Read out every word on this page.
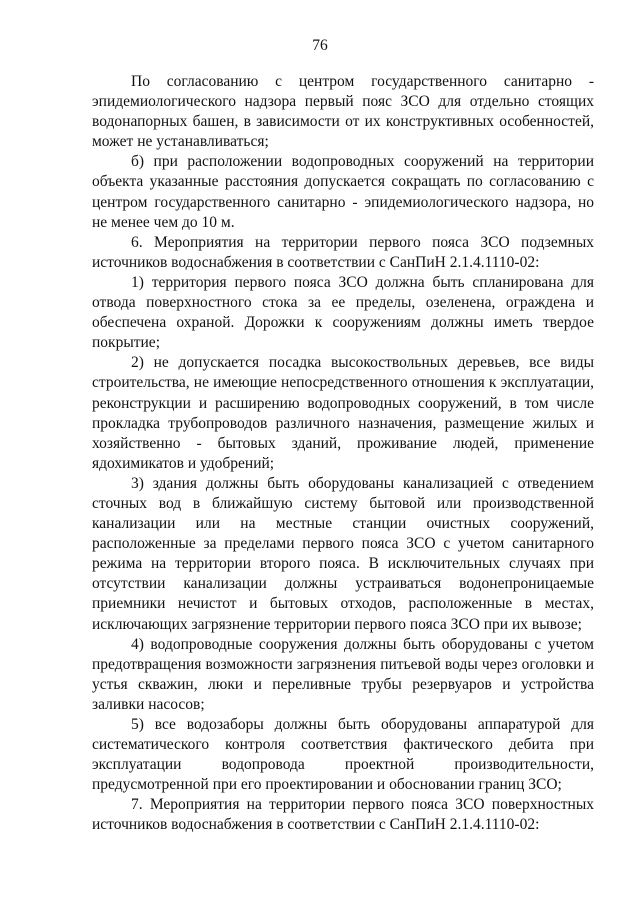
76

По согласованию с центром государственного санитарно - эпидемиологического надзора первый пояс ЗСО для отдельно стоящих водонапорных башен, в зависимости от их конструктивных особенностей, может не устанавливаться;

б) при расположении водопроводных сооружений на территории объекта указанные расстояния допускается сокращать по согласованию с центром государственного санитарно - эпидемиологического надзора, но не менее чем до 10 м.

6. Мероприятия на территории первого пояса ЗСО подземных источников водоснабжения в соответствии с СанПиН 2.1.4.1110-02:

1) территория первого пояса ЗСО должна быть спланирована для отвода поверхностного стока за ее пределы, озеленена, ограждена и обеспечена охраной. Дорожки к сооружениям должны иметь твердое покрытие;

2) не допускается посадка высокоствольных деревьев, все виды строительства, не имеющие непосредственного отношения к эксплуатации, реконструкции и расширению водопроводных сооружений, в том числе прокладка трубопроводов различного назначения, размещение жилых и хозяйственно - бытовых зданий, проживание людей, применение ядохимикатов и удобрений;

3) здания должны быть оборудованы канализацией с отведением сточных вод в ближайшую систему бытовой или производственной канализации или на местные станции очистных сооружений, расположенные за пределами первого пояса ЗСО с учетом санитарного режима на территории второго пояса. В исключительных случаях при отсутствии канализации должны устраиваться водонепроницаемые приемники нечистот и бытовых отходов, расположенные в местах, исключающих загрязнение территории первого пояса ЗСО при их вывозе;

4) водопроводные сооружения должны быть оборудованы с учетом предотвращения возможности загрязнения питьевой воды через оголовки и устья скважин, люки и переливные трубы резервуаров и устройства заливки насосов;

5) все водозаборы должны быть оборудованы аппаратурой для систематического контроля соответствия фактического дебита при эксплуатации водопровода проектной производительности, предусмотренной при его проектировании и обосновании границ ЗСО;

7. Мероприятия на территории первого пояса ЗСО поверхностных источников водоснабжения в соответствии с СанПиН 2.1.4.1110-02:
